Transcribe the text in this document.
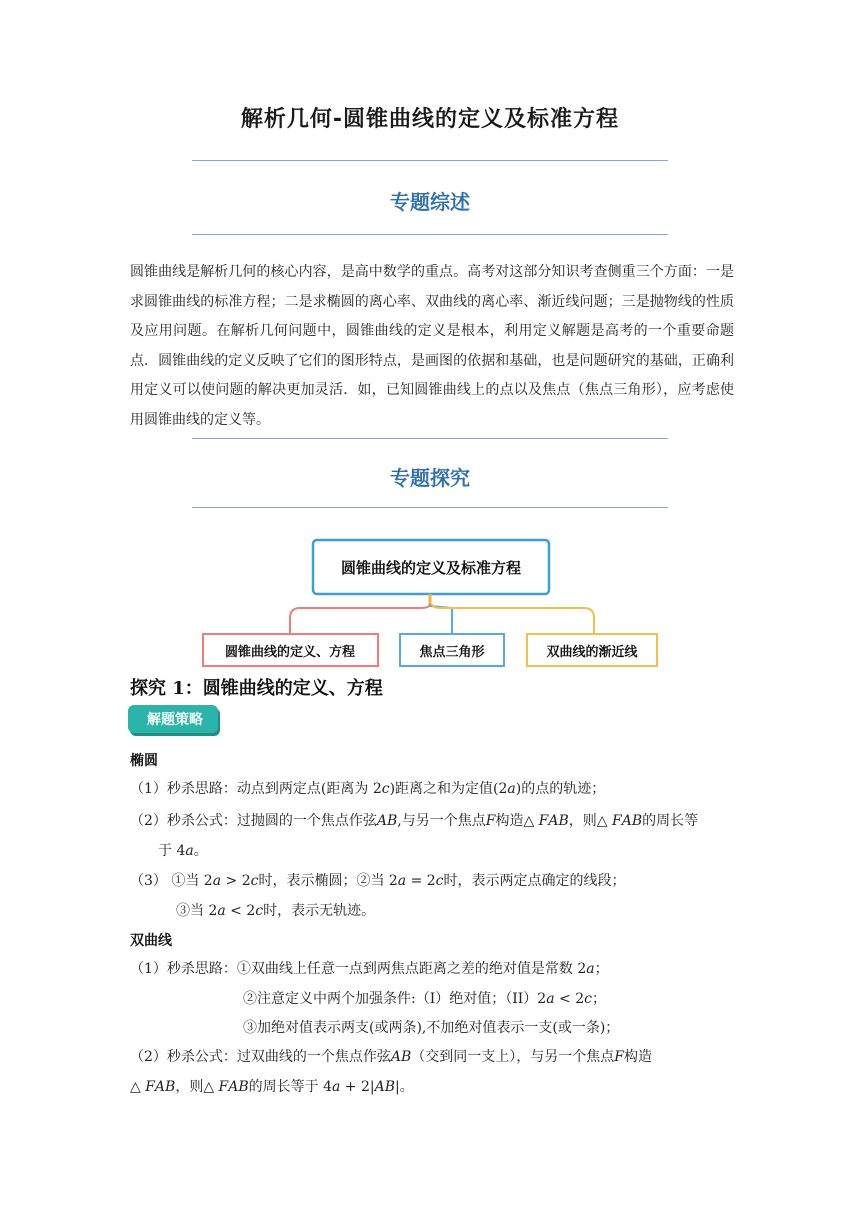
解析几何-圆锥曲线的定义及标准方程
专题综述
圆锥曲线是解析几何的核心内容，是高中数学的重点。高考对这部分知识考查侧重三个方面：一是求圆锥曲线的标准方程；二是求椭圆的离心率、双曲线的离心率、渐近线问题；三是抛物线的性质及应用问题。在解析几何问题中，圆锥曲线的定义是根本，利用定义解题是高考的一个重要命题点．圆锥曲线的定义反映了它们的图形特点，是画图的依据和基础，也是问题研究的基础，正确利用定义可以使问题的解决更加灵活．如，已知圆锥曲线上的点以及焦点（焦点三角形），应考虑使用圆锥曲线的定义等。
专题探究
圆锥曲线的定义及标准方程
圆锥曲线的定义、方程	焦点三角形	双曲线的渐近线
探究 1：圆锥曲线的定义、方程
解题策略
椭圆
（1）秒杀思路：动点到两定点(距离为 2𝑐)距离之和为定值(2𝑎)的点的轨迹；
（2）秒杀公式：过抛圆的一个焦点作弦𝐴𝐵,与另一个焦点𝐹构造△ 𝐹𝐴𝐵，则△ 𝐹𝐴𝐵的周长等
于 4𝑎。
（3） ①当 2𝑎 > 2𝑐时，表示椭圆；②当 2𝑎 = 2𝑐时，表示两定点确定的线段；
③当 2𝑎 < 2𝑐时，表示无轨迹。
双曲线
（1）秒杀思路：①双曲线上任意一点到两焦点距离之差的绝对值是常数 2𝑎；
②注意定义中两个加强条件:（I）绝对值；（II）2𝑎 < 2𝑐；
③加绝对值表示两支(或两条),不加绝对值表示一支(或一条)；
（2）秒杀公式：过双曲线的一个焦点作弦𝐴𝐵（交到同一支上），与另一个焦点𝐹构造
△ 𝐹𝐴𝐵，则△ 𝐹𝐴𝐵的周长等于 4𝑎 + 2|𝐴𝐵|。
